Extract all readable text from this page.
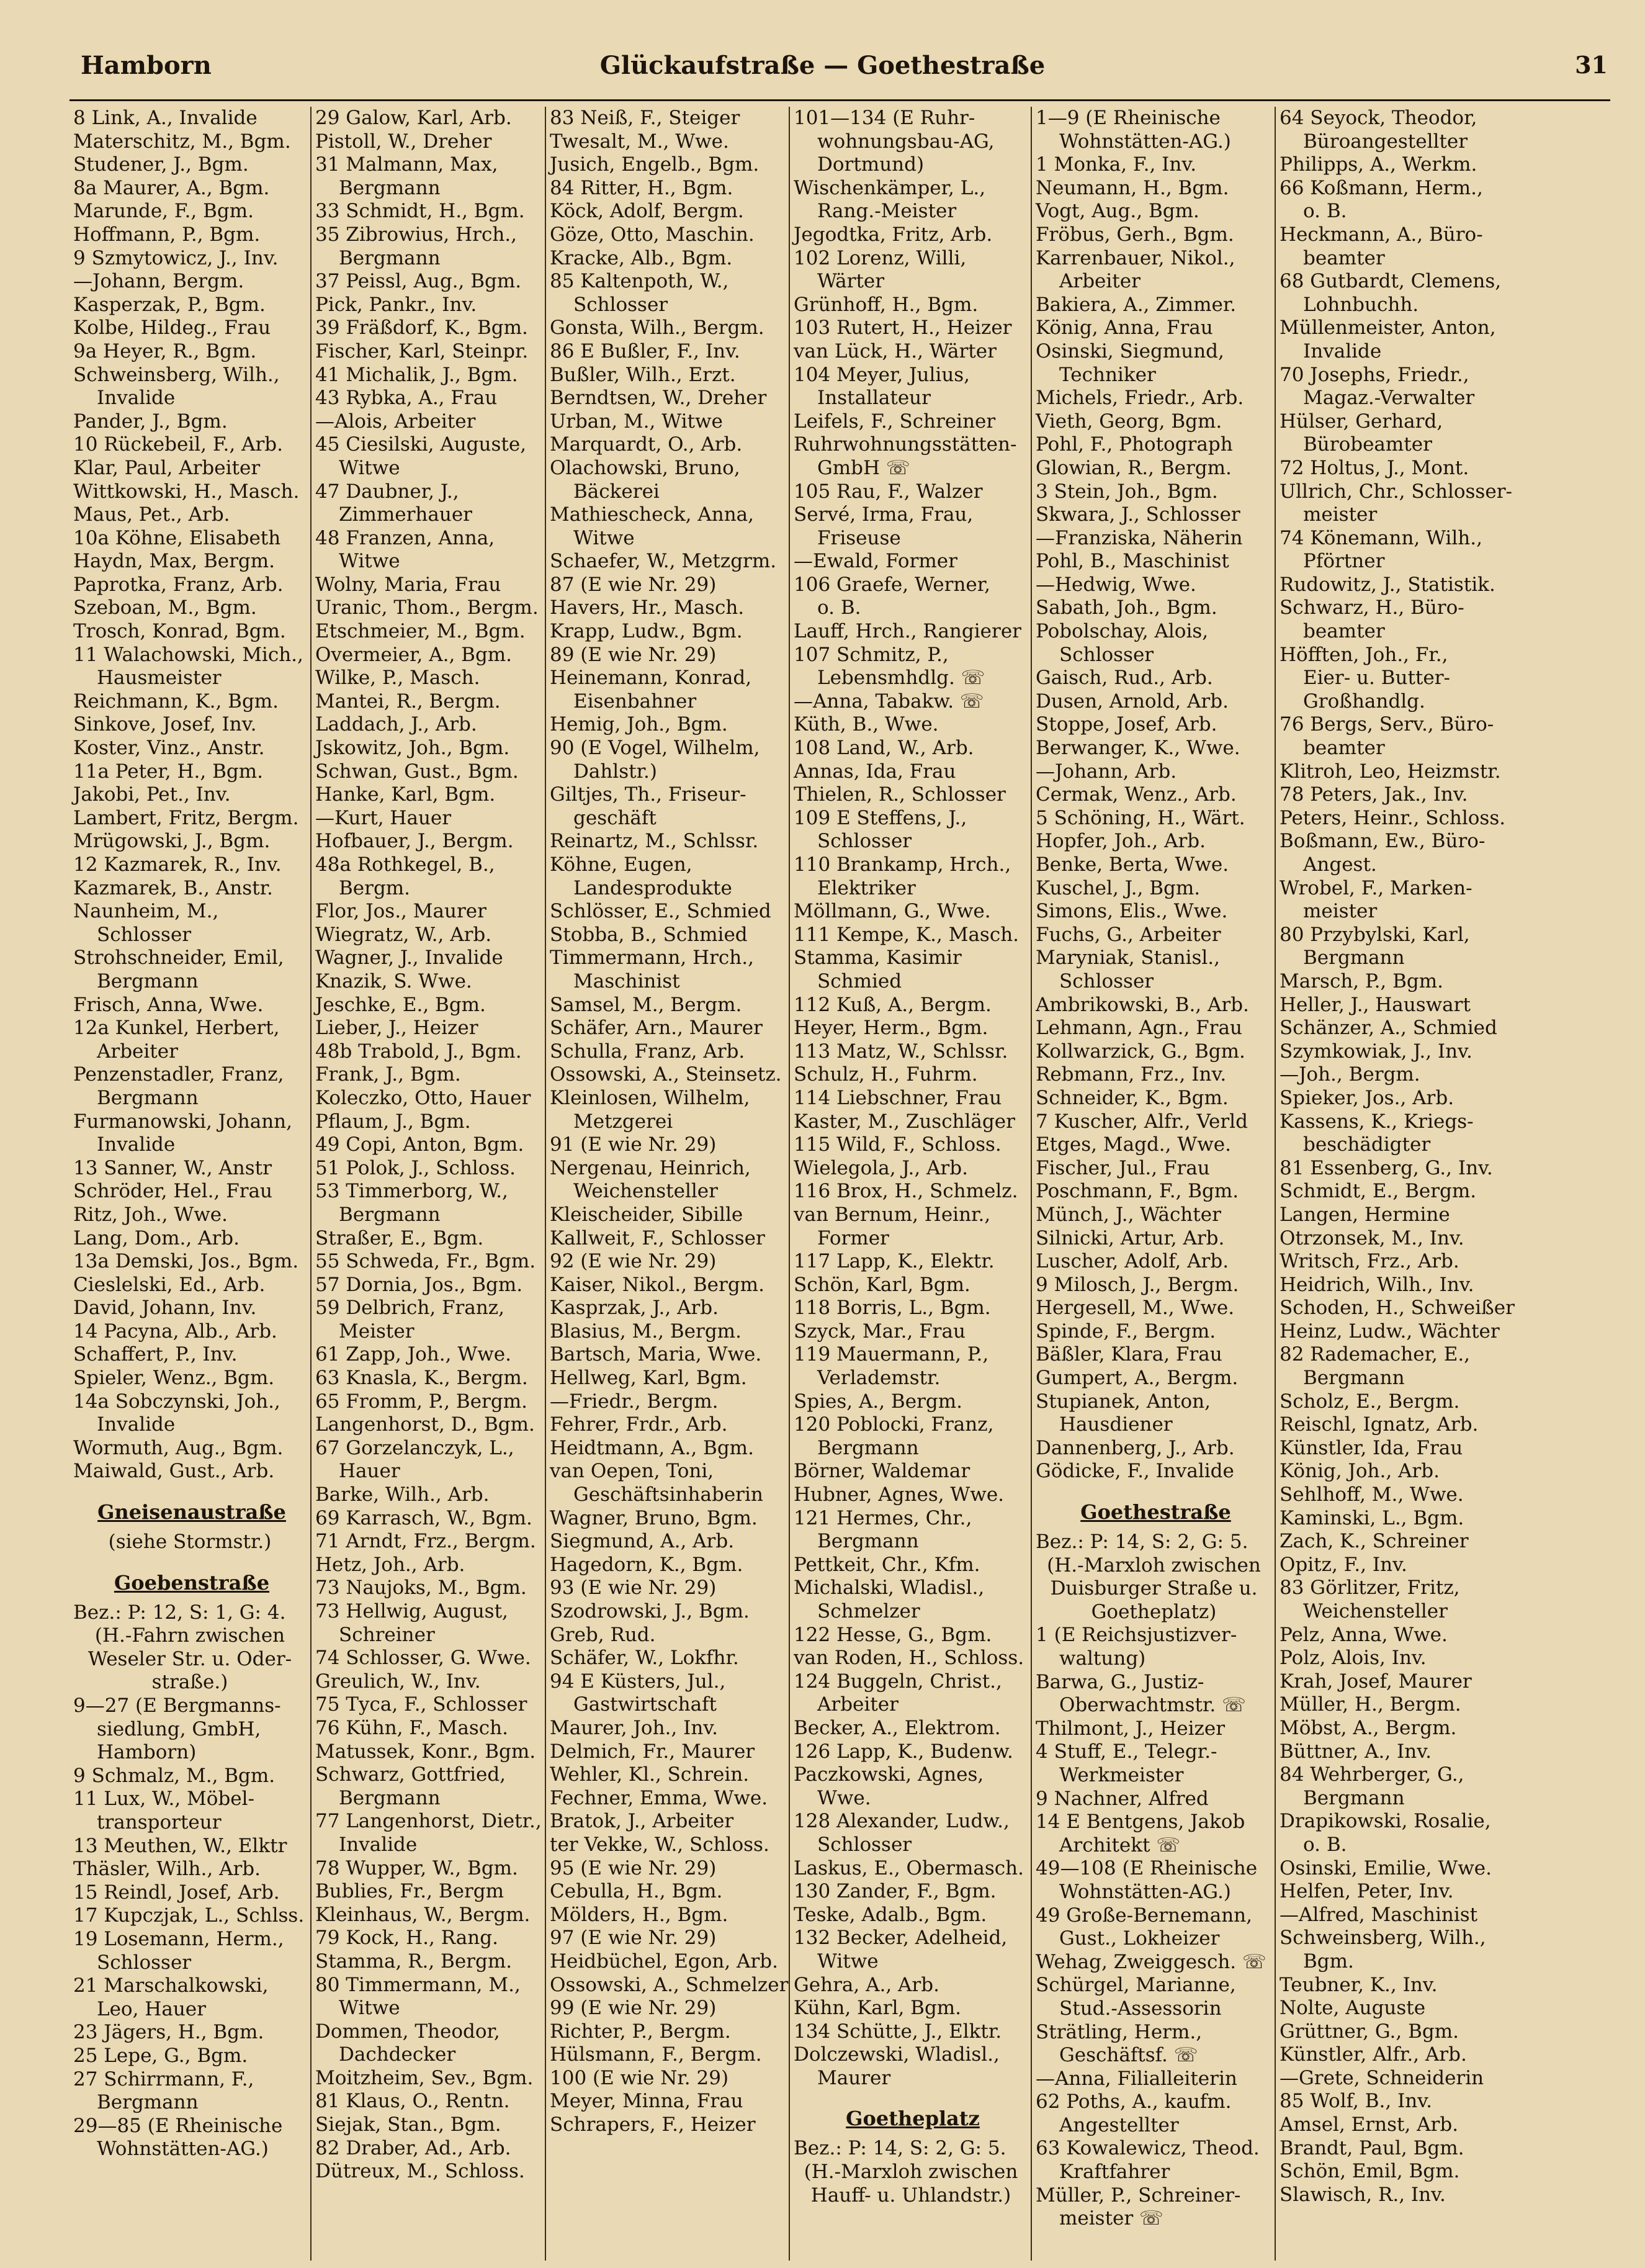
Glückaufstraße — Goethestraße
Hamborn	31
8 Link, A., Invalide
Materschitz, M., Bgm.
Studener, J., Bgm.
8a Maurer, A., Bgm.
Marunde, F., Bgm.
Hoffmann, P., Bgm.
9 Szmytowicz, J., Inv.
—Johann, Bergm.
Kasperzak, P., Bgm.
Kolbe, Hildeg., Frau
9a Heyer, R., Bgm.
Schweinsberg, Wilh.,
Invalide
Pander, J., Bgm.
10 Rückebeil, F., Arb.
Klar, Paul, Arbeiter
Wittkowski, H., Masch.
Maus, Pet., Arb.
10a Köhne, Elisabeth
Haydn, Max, Bergm.
Paprotka, Franz, Arb.
Szeboan, M., Bgm.
Trosch, Konrad, Bgm.
11 Walachowski, Mich.,
Hausmeister
Reichmann, K., Bgm.
Sinkove, Josef, Inv.
Koster, Vinz., Anstr.
11a Peter, H., Bgm.
Jakobi, Pet., Inv.
Lambert, Fritz, Bergm.
Mrügowski, J., Bgm.
12 Kazmarek, R., Inv.
Kazmarek, B., Anstr.
Naunheim, M.,
Schlosser
Strohschneider, Emil,
Bergmann
Frisch, Anna, Wwe.
12a Kunkel, Herbert,
Arbeiter
Penzenstadler, Franz,
Bergmann
Furmanowski, Johann,
Invalide
13 Sanner, W., Anstr
Schröder, Hel., Frau
Ritz, Joh., Wwe.
Lang, Dom., Arb.
13a Demski, Jos., Bgm.
Cieslelski, Ed., Arb.
David, Johann, Inv.
14 Pacyna, Alb., Arb.
Schaffert, P., Inv.
Spieler, Wenz., Bgm.
14a Sobczynski, Joh.,
Invalide
Wormuth, Aug., Bgm.
Maiwald, Gust., Arb.
Gneisenaustraße
(siehe Stormstr.)
Goebenstraße
Bez.: P: 12, S: 1, G: 4.
(H.-Fahrn zwischen
Weseler Str. u. Oder-
straße.)
9—27 (E Bergmanns-
siedlung, GmbH,
Hamborn)
9 Schmalz, M., Bgm.
11 Lux, W., Möbel-
transporteur
13 Meuthen, W., Elktr
Thäsler, Wilh., Arb.
15 Reindl, Josef, Arb.
17 Kupczjak, L., Schlss.
19 Losemann, Herm.,
Schlosser
21 Marschalkowski,
Leo, Hauer
23 Jägers, H., Bgm.
25 Lepe, G., Bgm.
27 Schirrmann, F.,
Bergmann
29—85 (E Rheinische
Wohnstätten-AG.)
29 Galow, Karl, Arb.
Pistoll, W., Dreher
31 Malmann, Max,
Bergmann
33 Schmidt, H., Bgm.
35 Zibrowius, Hrch.,
Bergmann
37 Peissl, Aug., Bgm.
Pick, Pankr., Inv.
39 Fräßdorf, K., Bgm.
Fischer, Karl, Steinpr.
41 Michalik, J., Bgm.
43 Rybka, A., Frau
—Alois, Arbeiter
45 Ciesilski, Auguste,
Witwe
47 Daubner, J.,
Zimmerhauer
48 Franzen, Anna,
Witwe
Wolny, Maria, Frau
Uranic, Thom., Bergm.
Etschmeier, M., Bgm.
Overmeier, A., Bgm.
Wilke, P., Masch.
Mantei, R., Bergm.
Laddach, J., Arb.
Jskowitz, Joh., Bgm.
Schwan, Gust., Bgm.
Hanke, Karl, Bgm.
—Kurt, Hauer
Hofbauer, J., Bergm.
48a Rothkegel, B.,
Bergm.
Flor, Jos., Maurer
Wiegratz, W., Arb.
Wagner, J., Invalide
Knazik, S. Wwe.
Jeschke, E., Bgm.
Lieber, J., Heizer
48b Trabold, J., Bgm.
Frank, J., Bgm.
Koleczko, Otto, Hauer
Pflaum, J., Bgm.
49 Copi, Anton, Bgm.
51 Polok, J., Schloss.
53 Timmerborg, W.,
Bergmann
Straßer, E., Bgm.
55 Schweda, Fr., Bgm.
57 Dornia, Jos., Bgm.
59 Delbrich, Franz,
Meister
61 Zapp, Joh., Wwe.
63 Knasla, K., Bergm.
65 Fromm, P., Bergm.
Langenhorst, D., Bgm.
67 Gorzelanczyk, L.,
Hauer
Barke, Wilh., Arb.
69 Karrasch, W., Bgm.
71 Arndt, Frz., Bergm.
Hetz, Joh., Arb.
73 Naujoks, M., Bgm.
73 Hellwig, August,
Schreiner
74 Schlosser, G. Wwe.
Greulich, W., Inv.
75 Tyca, F., Schlosser
76 Kühn, F., Masch.
Matussek, Konr., Bgm.
Schwarz, Gottfried,
Bergmann
77 Langenhorst, Dietr.,
Invalide
78 Wupper, W., Bgm.
Bublies, Fr., Bergm
Kleinhaus, W., Bergm.
79 Kock, H., Rang.
Stamma, R., Bergm.
80 Timmermann, M.,
Witwe
Dommen, Theodor,
Dachdecker
Moitzheim, Sev., Bgm.
81 Klaus, O., Rentn.
Siejak, Stan., Bgm.
82 Draber, Ad., Arb.
Dütreux, M., Schloss.
83 Neiß, F., Steiger
Twesalt, M., Wwe.
Jusich, Engelb., Bgm.
84 Ritter, H., Bgm.
Köck, Adolf, Bergm.
Göze, Otto, Maschin.
Kracke, Alb., Bgm.
85 Kaltenpoth, W.,
Schlosser
Gonsta, Wilh., Bergm.
86 E Bußler, F., Inv.
Bußler, Wilh., Erzt.
Berndtsen, W., Dreher
Urban, M., Witwe
Marquardt, O., Arb.
Olachowski, Bruno,
Bäckerei
Mathiescheck, Anna,
Witwe
Schaefer, W., Metzgrm.
87 (E wie Nr. 29)
Havers, Hr., Masch.
Krapp, Ludw., Bgm.
89 (E wie Nr. 29)
Heinemann, Konrad,
Eisenbahner
Hemig, Joh., Bgm.
90 (E Vogel, Wilhelm,
Dahlstr.)
Giltjes, Th., Friseur-
geschäft
Reinartz, M., Schlssr.
Köhne, Eugen,
Landesprodukte
Schlösser, E., Schmied
Stobba, B., Schmied
Timmermann, Hrch.,
Maschinist
Samsel, M., Bergm.
Schäfer, Arn., Maurer
Schulla, Franz, Arb.
Ossowski, A., Steinsetz.
Kleinlosen, Wilhelm,
Metzgerei
91 (E wie Nr. 29)
Nergenau, Heinrich,
Weichensteller
Kleischeider, Sibille
Kallweit, F., Schlosser
92 (E wie Nr. 29)
Kaiser, Nikol., Bergm.
Kasprzak, J., Arb.
Blasius, M., Bergm.
Bartsch, Maria, Wwe.
Hellweg, Karl, Bgm.
—Friedr., Bergm.
Fehrer, Frdr., Arb.
Heidtmann, A., Bgm.
van Oepen, Toni,
Geschäftsinhaberin
Wagner, Bruno, Bgm.
Siegmund, A., Arb.
Hagedorn, K., Bgm.
93 (E wie Nr. 29)
Szodrowski, J., Bgm.
Greb, Rud.
Schäfer, W., Lokfhr.
94 E Küsters, Jul.,
Gastwirtschaft
Maurer, Joh., Inv.
Delmich, Fr., Maurer
Wehler, Kl., Schrein.
Fechner, Emma, Wwe.
Bratok, J., Arbeiter
ter Vekke, W., Schloss.
95 (E wie Nr. 29)
Cebulla, H., Bgm.
Mölders, H., Bgm.
97 (E wie Nr. 29)
Heidbüchel, Egon, Arb.
Ossowski, A., Schmelzer
99 (E wie Nr. 29)
Richter, P., Bergm.
Hülsmann, F., Bergm.
100 (E wie Nr. 29)
Meyer, Minna, Frau
Schrapers, F., Heizer
101—134 (E Ruhr-
wohnungsbau-AG,
Dortmund)
Wischenkämper, L.,
Rang.-Meister
Jegodtka, Fritz, Arb.
102 Lorenz, Willi,
Wärter
Grünhoff, H., Bgm.
103 Rutert, H., Heizer
van Lück, H., Wärter
104 Meyer, Julius,
Installateur
Leifels, F., Schreiner
Ruhrwohnungsstätten-
GmbH ☏
105 Rau, F., Walzer
Servé, Irma, Frau,
Friseuse
—Ewald, Former
106 Graefe, Werner,
o. B.
Lauff, Hrch., Rangierer
107 Schmitz, P.,
Lebensmhdlg. ☏
—Anna, Tabakw. ☏
Küth, B., Wwe.
108 Land, W., Arb.
Annas, Ida, Frau
Thielen, R., Schlosser
109 E Steffens, J.,
Schlosser
110 Brankamp, Hrch.,
Elektriker
Möllmann, G., Wwe.
111 Kempe, K., Masch.
Stamma, Kasimir
Schmied
112 Kuß, A., Bergm.
Heyer, Herm., Bgm.
113 Matz, W., Schlssr.
Schulz, H., Fuhrm.
114 Liebschner, Frau
Kaster, M., Zuschläger
115 Wild, F., Schloss.
Wielegola, J., Arb.
116 Brox, H., Schmelz.
van Bernum, Heinr.,
Former
117 Lapp, K., Elektr.
Schön, Karl, Bgm.
118 Borris, L., Bgm.
Szyck, Mar., Frau
119 Mauermann, P.,
Verlademstr.
Spies, A., Bergm.
120 Poblocki, Franz,
Bergmann
Börner, Waldemar
Hubner, Agnes, Wwe.
121 Hermes, Chr.,
Bergmann
Pettkeit, Chr., Kfm.
Michalski, Wladisl.,
Schmelzer
122 Hesse, G., Bgm.
van Roden, H., Schloss.
124 Buggeln, Christ.,
Arbeiter
Becker, A., Elektrom.
126 Lapp, K., Budenw.
Paczkowski, Agnes,
Wwe.
128 Alexander, Ludw.,
Schlosser
Laskus, E., Obermasch.
130 Zander, F., Bgm.
Teske, Adalb., Bgm.
132 Becker, Adelheid,
Witwe
Gehra, A., Arb.
Kühn, Karl, Bgm.
134 Schütte, J., Elktr.
Dolczewski, Wladisl.,
Maurer
Goetheplatz
Bez.: P: 14, S: 2, G: 5.
(H.-Marxloh zwischen
Hauff- u. Uhlandstr.)
1—9 (E Rheinische
Wohnstätten-AG.)
1 Monka, F., Inv.
Neumann, H., Bgm.
Vogt, Aug., Bgm.
Fröbus, Gerh., Bgm.
Karrenbauer, Nikol.,
Arbeiter
Bakiera, A., Zimmer.
König, Anna, Frau
Osinski, Siegmund,
Techniker
Michels, Friedr., Arb.
Vieth, Georg, Bgm.
Pohl, F., Photograph
Glowian, R., Bergm.
3 Stein, Joh., Bgm.
Skwara, J., Schlosser
—Franziska, Näherin
Pohl, B., Maschinist
—Hedwig, Wwe.
Sabath, Joh., Bgm.
Pobolschay, Alois,
Schlosser
Gaisch, Rud., Arb.
Dusen, Arnold, Arb.
Stoppe, Josef, Arb.
Berwanger, K., Wwe.
—Johann, Arb.
Cermak, Wenz., Arb.
5 Schöning, H., Wärt.
Hopfer, Joh., Arb.
Benke, Berta, Wwe.
Kuschel, J., Bgm.
Simons, Elis., Wwe.
Fuchs, G., Arbeiter
Maryniak, Stanisl.,
Schlosser
Ambrikowski, B., Arb.
Lehmann, Agn., Frau
Kollwarzick, G., Bgm.
Rebmann, Frz., Inv.
Schneider, K., Bgm.
7 Kuscher, Alfr., Verld
Etges, Magd., Wwe.
Fischer, Jul., Frau
Poschmann, F., Bgm.
Münch, J., Wächter
Silnicki, Artur, Arb.
Luscher, Adolf, Arb.
9 Milosch, J., Bergm.
Hergesell, M., Wwe.
Spinde, F., Bergm.
Bäßler, Klara, Frau
Gumpert, A., Bergm.
Stupianek, Anton,
Hausdiener
Dannenberg, J., Arb.
Gödicke, F., Invalide
Goethestraße
Bez.: P: 14, S: 2, G: 5.
(H.-Marxloh zwischen
Duisburger Straße u.
Goetheplatz)
1 (E Reichsjustizver-
waltung)
Barwa, G., Justiz-
Oberwachtmstr. ☏
Thilmont, J., Heizer
4 Stuff, E., Telegr.-
Werkmeister
9 Nachner, Alfred
14 E Bentgens, Jakob
Architekt ☏
49—108 (E Rheinische
Wohnstätten-AG.)
49 Große-Bernemann,
Gust., Lokheizer
Wehag, Zweiggesch. ☏
Schürgel, Marianne,
Stud.-Assessorin
Strätling, Herm.,
Geschäftsf. ☏
—Anna, Filialleiterin
62 Poths, A., kaufm.
Angestellter
63 Kowalewicz, Theod.
Kraftfahrer
Müller, P., Schreiner-
meister ☏
64 Seyock, Theodor,
Büroangestellter
Philipps, A., Werkm.
66 Koßmann, Herm.,
o. B.
Heckmann, A., Büro-
beamter
68 Gutbardt, Clemens,
Lohnbuchh.
Müllenmeister, Anton,
Invalide
70 Josephs, Friedr.,
Magaz.-Verwalter
Hülser, Gerhard,
Bürobeamter
72 Holtus, J., Mont.
Ullrich, Chr., Schlosser-
meister
74 Könemann, Wilh.,
Pförtner
Rudowitz, J., Statistik.
Schwarz, H., Büro-
beamter
Höfften, Joh., Fr.,
Eier- u. Butter-
Großhandlg.
76 Bergs, Serv., Büro-
beamter
Klitroh, Leo, Heizmstr.
78 Peters, Jak., Inv.
Peters, Heinr., Schloss.
Boßmann, Ew., Büro-
Angest.
Wrobel, F., Marken-
meister
80 Przybylski, Karl,
Bergmann
Marsch, P., Bgm.
Heller, J., Hauswart
Schänzer, A., Schmied
Szymkowiak, J., Inv.
—Joh., Bergm.
Spieker, Jos., Arb.
Kassens, K., Kriegs-
beschädigter
81 Essenberg, G., Inv.
Schmidt, E., Bergm.
Langen, Hermine
Otrzonsek, M., Inv.
Writsch, Frz., Arb.
Heidrich, Wilh., Inv.
Schoden, H., Schweißer
Heinz, Ludw., Wächter
82 Rademacher, E.,
Bergmann
Scholz, E., Bergm.
Reischl, Ignatz, Arb.
Künstler, Ida, Frau
König, Joh., Arb.
Sehlhoff, M., Wwe.
Kaminski, L., Bgm.
Zach, K., Schreiner
Opitz, F., Inv.
83 Görlitzer, Fritz,
Weichensteller
Pelz, Anna, Wwe.
Polz, Alois, Inv.
Krah, Josef, Maurer
Müller, H., Bergm.
Möbst, A., Bergm.
Büttner, A., Inv.
84 Wehrberger, G.,
Bergmann
Drapikowski, Rosalie,
o. B.
Osinski, Emilie, Wwe.
Helfen, Peter, Inv.
—Alfred, Maschinist
Schweinsberg, Wilh.,
Bgm.
Teubner, K., Inv.
Nolte, Auguste
Grüttner, G., Bgm.
Künstler, Alfr., Arb.
—Grete, Schneiderin
85 Wolf, B., Inv.
Amsel, Ernst, Arb.
Brandt, Paul, Bgm.
Schön, Emil, Bgm.
Slawisch, R., Inv.
